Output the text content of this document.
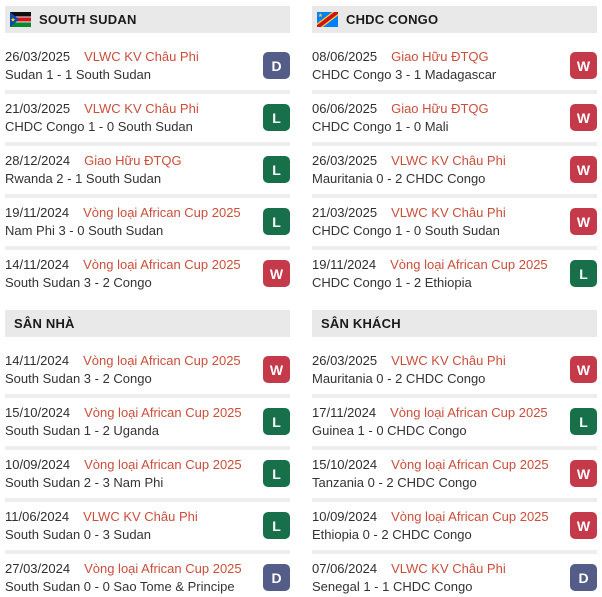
SOUTH SUDAN
26/03/2025 VLWC KV Châu Phi
Sudan 1 - 1 South Sudan
D
21/03/2025 VLWC KV Châu Phi
CHDC Congo 1 - 0 South Sudan
L
28/12/2024 Giao Hữu ĐTQG
Rwanda 2 - 1 South Sudan
L
19/11/2024 Vòng loại African Cup 2025
Nam Phi 3 - 0 South Sudan
L
14/11/2024 Vòng loại African Cup 2025
South Sudan 3 - 2 Congo
W
CHDC CONGO
08/06/2025 Giao Hữu ĐTQG
CHDC Congo 3 - 1 Madagascar
W
06/06/2025 Giao Hữu ĐTQG
CHDC Congo 1 - 0 Mali
W
26/03/2025 VLWC KV Châu Phi
Mauritania 0 - 2 CHDC Congo
W
21/03/2025 VLWC KV Châu Phi
CHDC Congo 1 - 0 South Sudan
W
19/11/2024 Vòng loại African Cup 2025
CHDC Congo 1 - 2 Ethiopia
L
SÂN NHÀ
14/11/2024 Vòng loại African Cup 2025
South Sudan 3 - 2 Congo
W
15/10/2024 Vòng loại African Cup 2025
South Sudan 1 - 2 Uganda
L
10/09/2024 Vòng loại African Cup 2025
South Sudan 2 - 3 Nam Phi
L
11/06/2024 VLWC KV Châu Phi
South Sudan 0 - 3 Sudan
L
27/03/2024 Vòng loại African Cup 2025
South Sudan 0 - 0 Sao Tome & Principe
D
SÂN KHÁCH
26/03/2025 VLWC KV Châu Phi
Mauritania 0 - 2 CHDC Congo
W
17/11/2024 Vòng loại African Cup 2025
Guinea 1 - 0 CHDC Congo
L
15/10/2024 Vòng loại African Cup 2025
Tanzania 0 - 2 CHDC Congo
W
10/09/2024 Vòng loại African Cup 2025
Ethiopia 0 - 2 CHDC Congo
W
07/06/2024 VLWC KV Châu Phi
Senegal 1 - 1 CHDC Congo
D
